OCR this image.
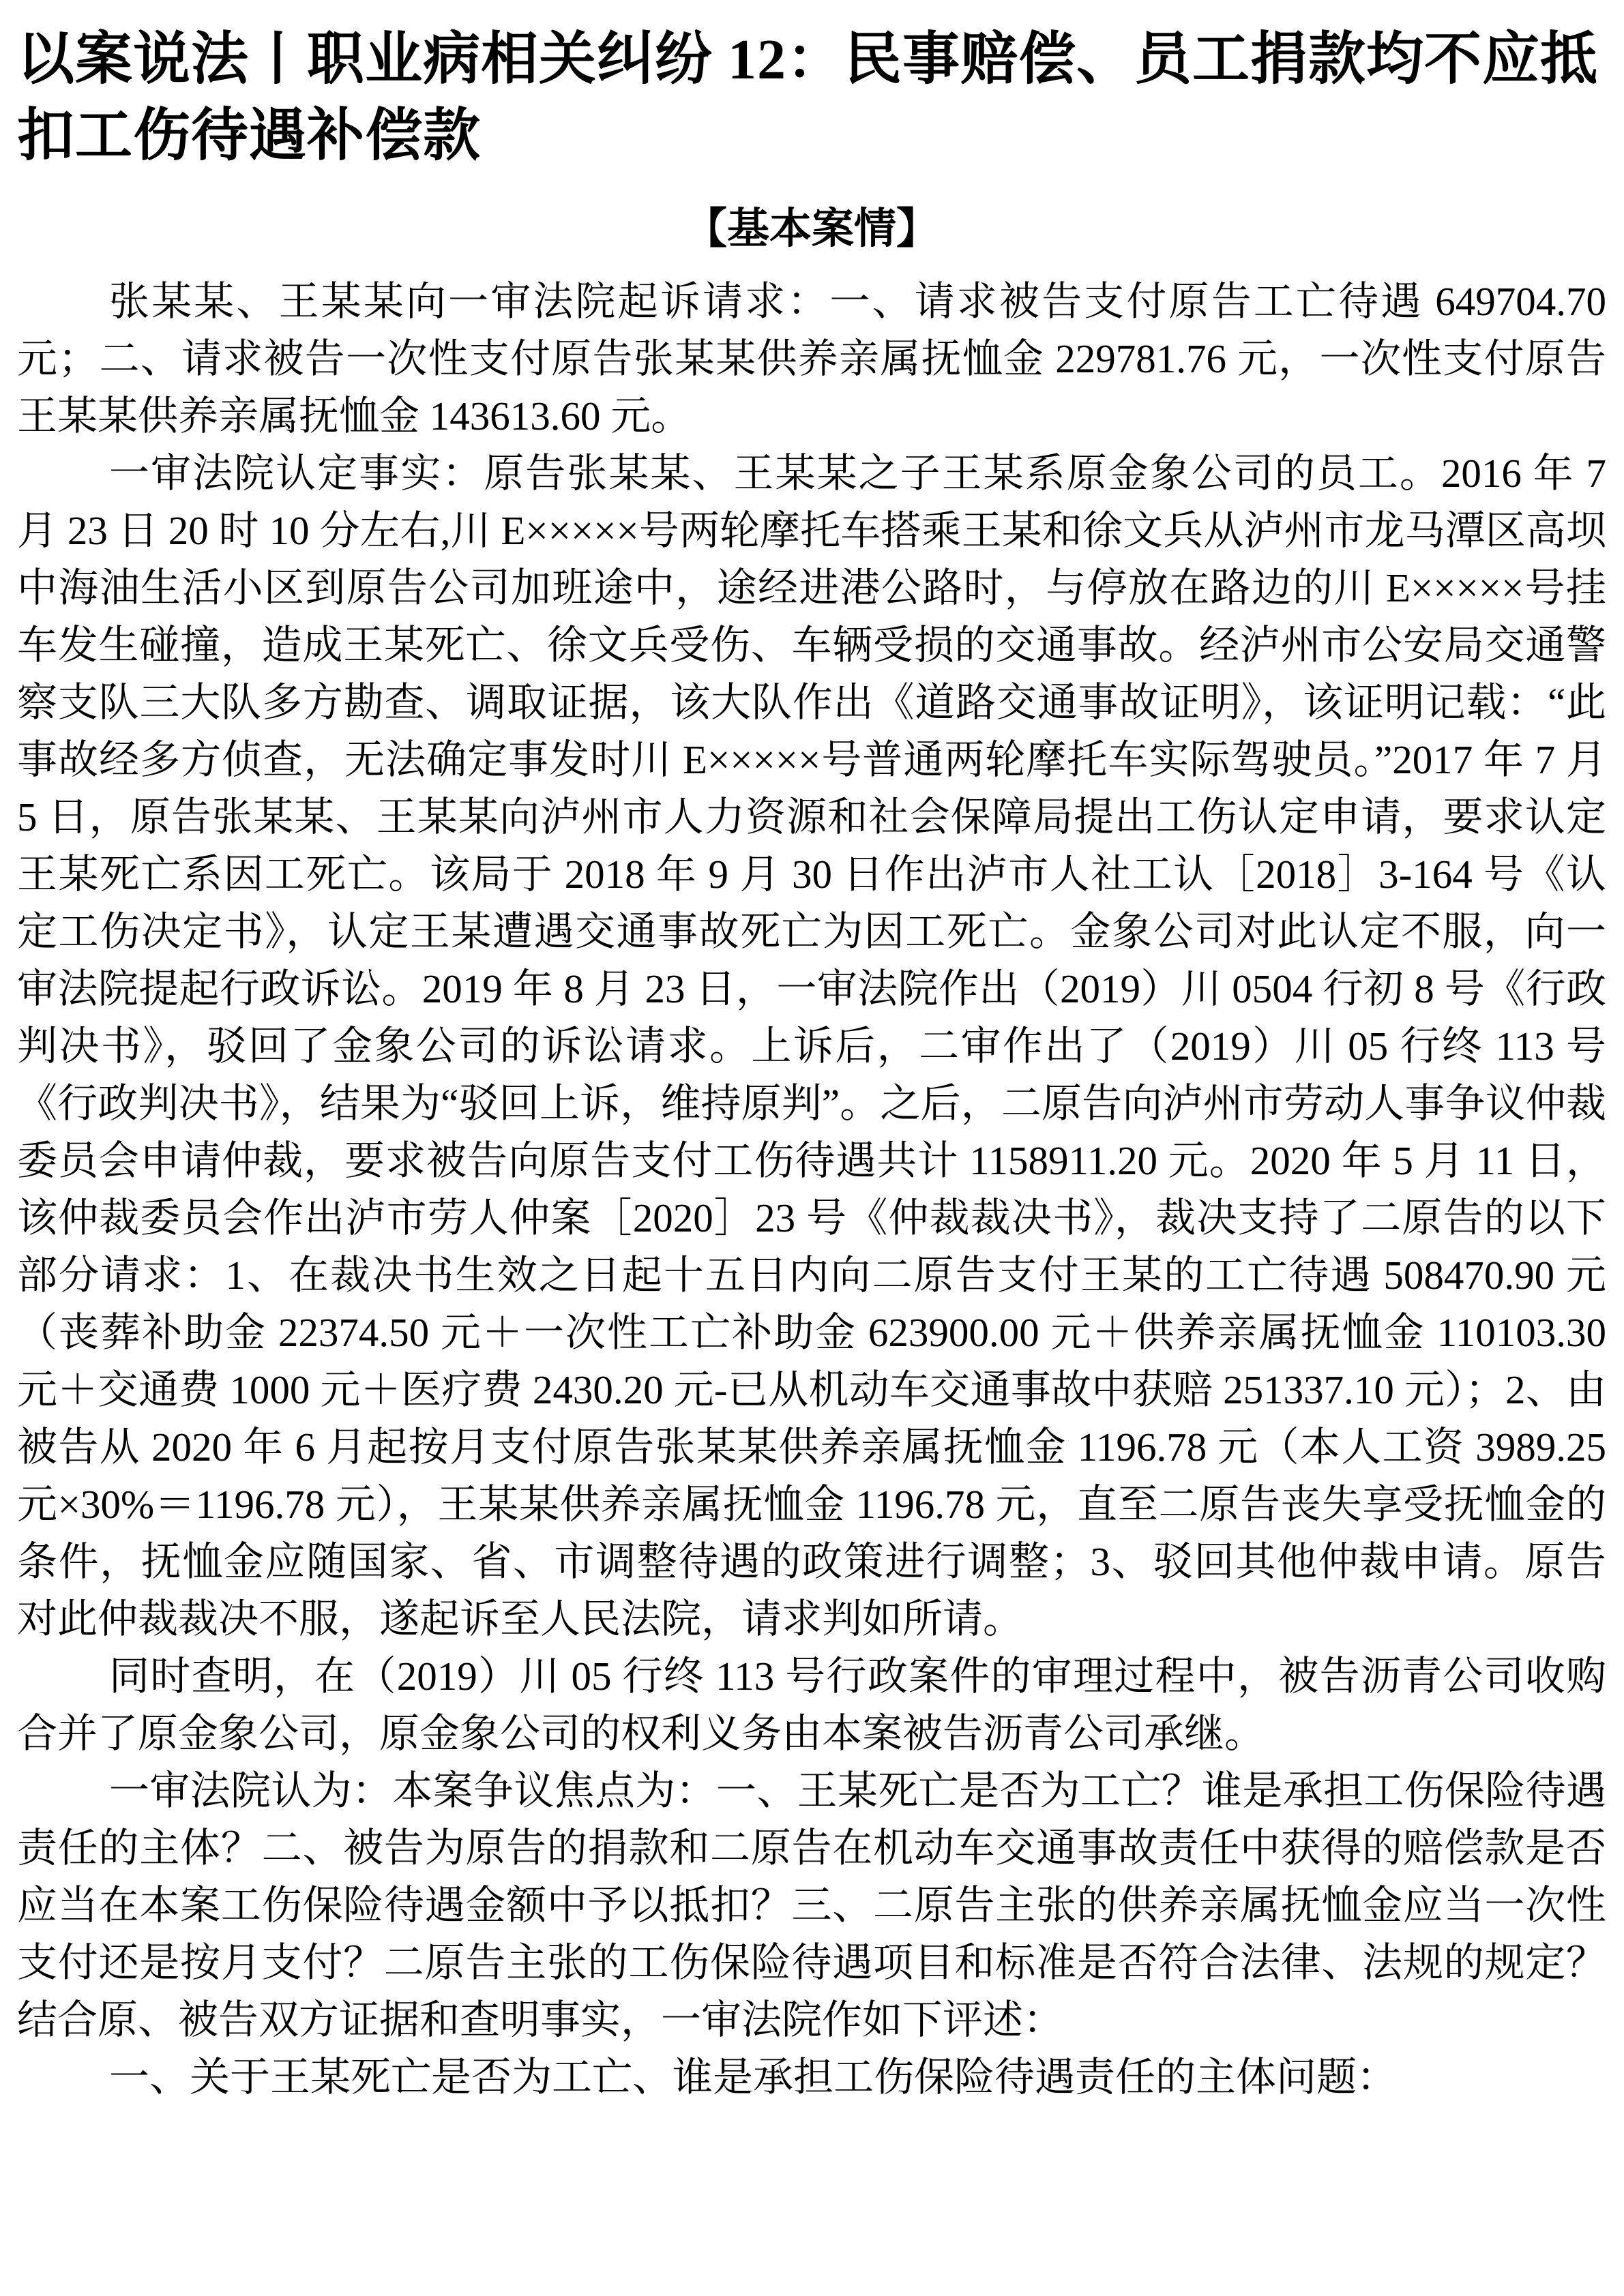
以案说法丨职业病相关纠纷 12：民事赔偿、员工捐款均不应抵扣工伤待遇补偿款
【基本案情】

张某某、王某某向一审法院起诉请求：一、请求被告支付原告工亡待遇 649704.70 元；二、请求被告一次性支付原告张某某供养亲属抚恤金 229781.76 元，一次性支付原告王某某供养亲属抚恤金 143613.60 元。

一审法院认定事实：原告张某某、王某某之子王某系原金象公司的员工。2016 年 7 月 23 日 20 时 10 分左右,川 E×××××号两轮摩托车搭乘王某和徐文兵从泸州市龙马潭区高坝中海油生活小区到原告公司加班途中，途经进港公路时，与停放在路边的川 E×××××号挂车发生碰撞，造成王某死亡、徐文兵受伤、车辆受损的交通事故。经泸州市公安局交通警察支队三大队多方勘查、调取证据，该大队作出《道路交通事故证明》，该证明记载：“此事故经多方侦查，无法确定事发时川 E×××××号普通两轮摩托车实际驾驶员。”2017 年 7 月 5 日，原告张某某、王某某向泸州市人力资源和社会保障局提出工伤认定申请，要求认定王某死亡系因工死亡。该局于 2018 年 9 月 30 日作出泸市人社工认［2018］3-164 号《认定工伤决定书》，认定王某遭遇交通事故死亡为因工死亡。金象公司对此认定不服，向一审法院提起行政诉讼。2019 年 8 月 23 日，一审法院作出（2019）川 0504 行初 8 号《行政判决书》，驳回了金象公司的诉讼请求。上诉后，二审作出了（2019）川 05 行终 113 号《行政判决书》，结果为“驳回上诉，维持原判”。之后，二原告向泸州市劳动人事争议仲裁委员会申请仲裁，要求被告向原告支付工伤待遇共计 1158911.20 元。2020 年 5 月 11 日，该仲裁委员会作出泸市劳人仲案［2020］23 号《仲裁裁决书》，裁决支持了二原告的以下部分请求：1、在裁决书生效之日起十五日内向二原告支付王某的工亡待遇 508470.90 元（丧葬补助金 22374.50 元＋一次性工亡补助金 623900.00 元＋供养亲属抚恤金 110103.30 元＋交通费 1000 元＋医疗费 2430.20 元-已从机动车交通事故中获赔 251337.10 元）；2、由被告从 2020 年 6 月起按月支付原告张某某供养亲属抚恤金 1196.78 元（本人工资 3989.25 元×30%＝1196.78 元），王某某供养亲属抚恤金 1196.78 元，直至二原告丧失享受抚恤金的条件，抚恤金应随国家、省、市调整待遇的政策进行调整；3、驳回其他仲裁申请。原告对此仲裁裁决不服，遂起诉至人民法院，请求判如所请。

同时查明，在（2019）川 05 行终 113 号行政案件的审理过程中，被告沥青公司收购合并了原金象公司，原金象公司的权利义务由本案被告沥青公司承继。

一审法院认为：本案争议焦点为：一、王某死亡是否为工亡？谁是承担工伤保险待遇责任的主体？二、被告为原告的捐款和二原告在机动车交通事故责任中获得的赔偿款是否应当在本案工伤保险待遇金额中予以抵扣？三、二原告主张的供养亲属抚恤金应当一次性支付还是按月支付？二原告主张的工伤保险待遇项目和标准是否符合法律、法规的规定？结合原、被告双方证据和查明事实，一审法院作如下评述：

一、关于王某死亡是否为工亡、谁是承担工伤保险待遇责任的主体问题：
